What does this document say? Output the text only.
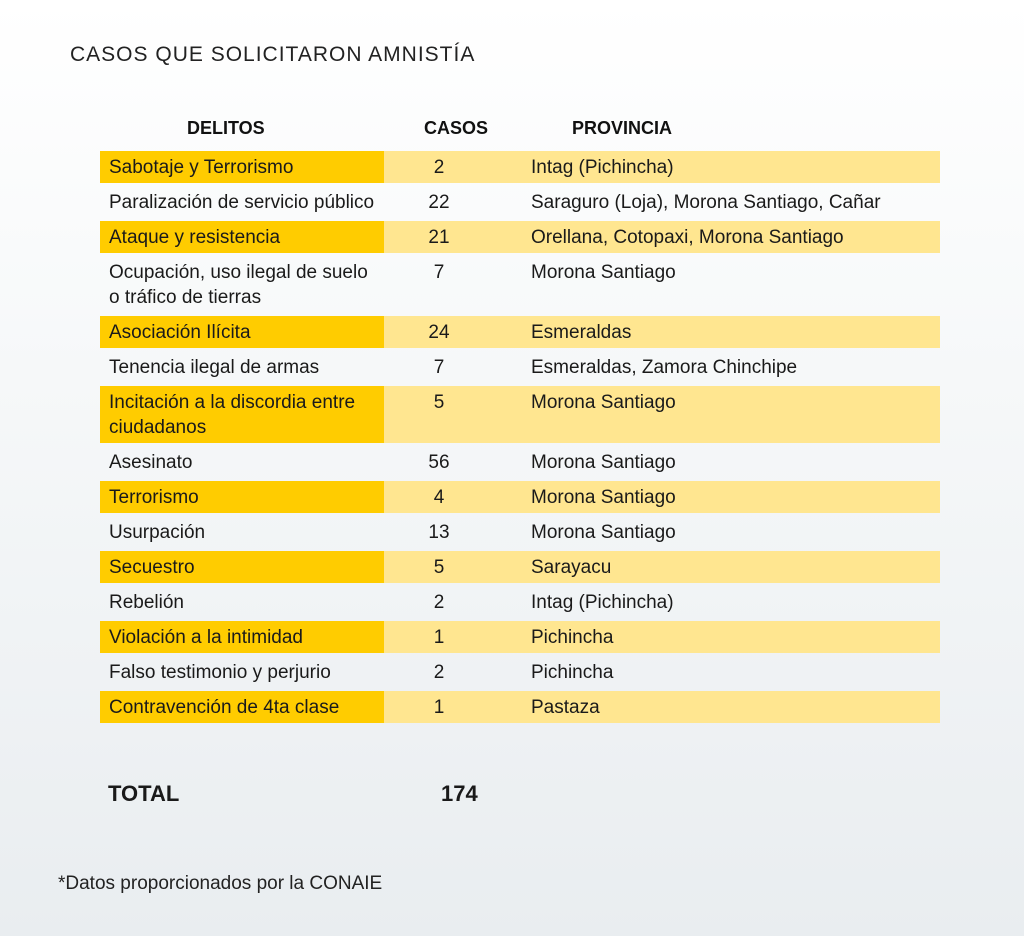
CASOS QUE SOLICITARON AMNISTÍA
DELITOS	CASOS	PROVINCIA
Sabotaje y Terrorismo	2	Intag (Pichincha)
Paralización de servicio público	22	Saraguro (Loja), Morona Santiago, Cañar
Ataque y resistencia	21	Orellana, Cotopaxi, Morona Santiago

Ocupación, uso ilegal de suelo o tráfico de tierras	7	Morona Santiago
Asociación Ilícita	24	Esmeraldas
Tenencia ilegal de armas	7	Esmeraldas, Zamora Chinchipe

Incitación a la discordia entre ciudadanos	5	Morona Santiago
Asesinato	56	Morona Santiago
Terrorismo	4	Morona Santiago
Usurpación	13	Morona Santiago
Secuestro	5	Sarayacu
Rebelión	2	Intag (Pichincha)
Violación a la intimidad	1	Pichincha
Falso testimonio y perjurio	2	Pichincha
Contravención de 4ta clase	1	Pastaza
TOTAL	174
*Datos proporcionados por la CONAIE
